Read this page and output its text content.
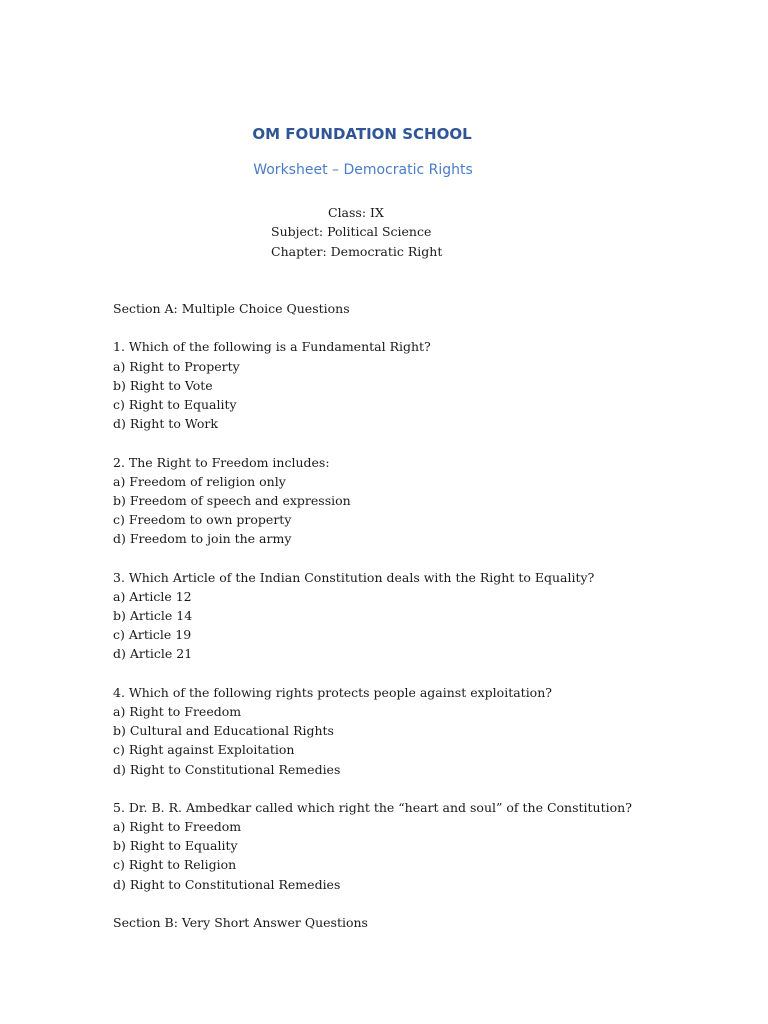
OM FOUNDATION SCHOOL
Worksheet – Democratic Rights
Class: IX
Subject: Political Science
Chapter: Democratic Right
Section A: Multiple Choice Questions
1. Which of the following is a Fundamental Right?
a) Right to Property
b) Right to Vote
c) Right to Equality
d) Right to Work
2. The Right to Freedom includes:
a) Freedom of religion only
b) Freedom of speech and expression
c) Freedom to own property
d) Freedom to join the army
3. Which Article of the Indian Constitution deals with the Right to Equality?
a) Article 12
b) Article 14
c) Article 19
d) Article 21
4. Which of the following rights protects people against exploitation?
a) Right to Freedom
b) Cultural and Educational Rights
c) Right against Exploitation
d) Right to Constitutional Remedies
5. Dr. B. R. Ambedkar called which right the “heart and soul” of the Constitution?
a) Right to Freedom
b) Right to Equality
c) Right to Religion
d) Right to Constitutional Remedies
Section B: Very Short Answer Questions
